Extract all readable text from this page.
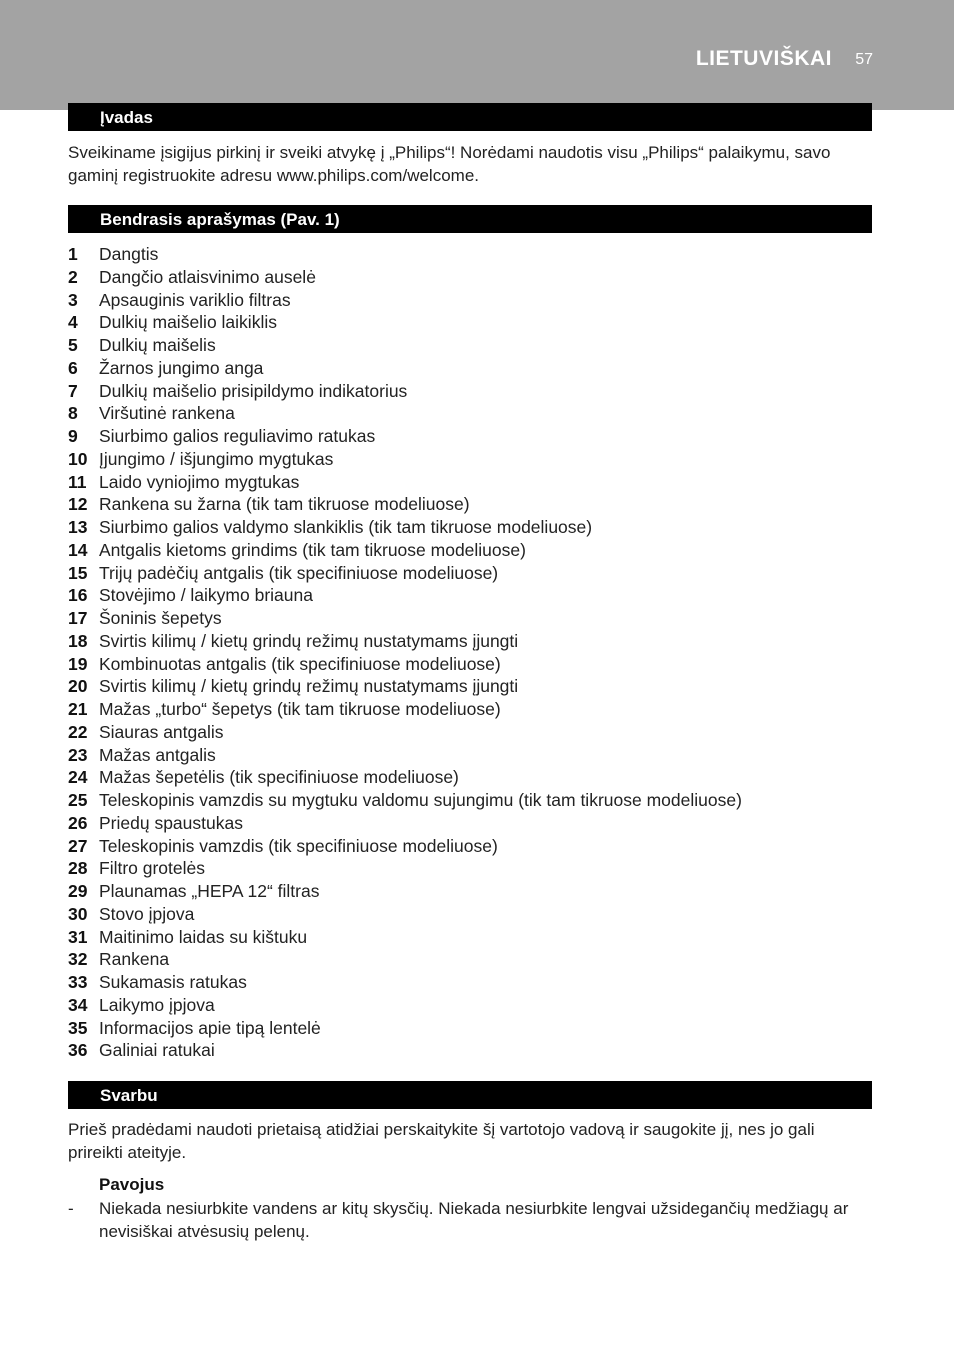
LIETUVIŠKAI 57
Įvadas
Sveikiname įsigijus pirkinį ir sveiki atvykę į „Philips“! Norėdami naudotis visu „Philips“ palaikymu, savo gaminį registruokite adresu www.philips.com/welcome.
Bendrasis aprašymas (Pav. 1)
1 Dangtis
2 Dangčio atlaisvinimo auselė
3 Apsauginis variklio filtras
4 Dulkių maišelio laikiklis
5 Dulkių maišelis
6 Žarnos jungimo anga
7 Dulkių maišelio prisipildymo indikatorius
8 Viršutinė rankena
9 Siurbimo galios reguliavimo ratukas
10 Įjungimo / išjungimo mygtukas
11 Laido vyniojimo mygtukas
12 Rankena su žarna (tik tam tikruose modeliuose)
13 Siurbimo galios valdymo slankiklis (tik tam tikruose modeliuose)
14 Antgalis kietoms grindims (tik tam tikruose modeliuose)
15 Trijų padėčių antgalis (tik specifiniuose modeliuose)
16 Stovėjimo / laikymo briauna
17 Šoninis šepetys
18 Svirtis kilimų / kietų grindų režimų nustatymams įjungti
19 Kombinuotas antgalis (tik specifiniuose modeliuose)
20 Svirtis kilimų / kietų grindų režimų nustatymams įjungti
21 Mažas „turbo“ šepetys (tik tam tikruose modeliuose)
22 Siauras antgalis
23 Mažas antgalis
24 Mažas šepetėlis (tik specifiniuose modeliuose)
25 Teleskopinis vamzdis su mygtuku valdomu sujungimu (tik tam tikruose modeliuose)
26 Priedų spaustukas
27 Teleskopinis vamzdis (tik specifiniuose modeliuose)
28 Filtro grotelės
29 Plaunamas „HEPA 12“ filtras
30 Stovo įpjova
31 Maitinimo laidas su kištuku
32 Rankena
33 Sukamasis ratukas
34 Laikymo įpjova
35 Informacijos apie tipą lentelė
36 Galiniai ratukai
Svarbu
Prieš pradėdami naudoti prietaisą atidžiai perskaitykite šį vartotojo vadovą ir saugokite jį, nes jo gali prireikti ateityje.
Pavojus
- Niekada nesiurbkite vandens ar kitų skysčių. Niekada nesiurbkite lengvai užsidegančių medžiagų ar nevisiškai atvėsusių pelenų.
